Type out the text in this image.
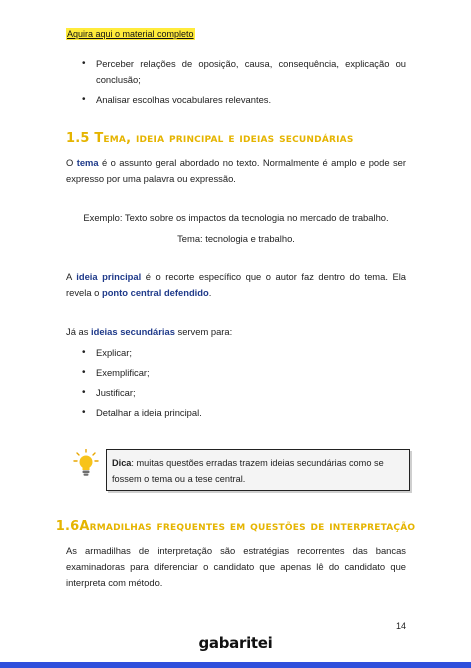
Aquira aqui o material completo
• Perceber relações de oposição, causa, consequência, explicação ou conclusão;
• Analisar escolhas vocabulares relevantes.
1.5 Tema, ideia principal e ideias secundárias

O tema é o assunto geral abordado no texto. Normalmente é amplo e pode ser expresso por uma palavra ou expressão.

Exemplo: Texto sobre os impactos da tecnologia no mercado de trabalho.

Tema: tecnologia e trabalho.

A ideia principal é o recorte específico que o autor faz dentro do tema. Ela revela o ponto central defendido.

Já as ideias secundárias servem para:

• Explicar;
• Exemplificar;
• Justificar;
• Detalhar a ideia principal.
Dica: muitas questões erradas trazem ideias secundárias como se fossem o tema ou a tese central.
1.6Armadilhas frequentes em questões de interpretação

As armadilhas de interpretação são estratégias recorrentes das bancas examinadoras para diferenciar o candidato que apenas lê do candidato que interpreta com método.

14
gabaritei
